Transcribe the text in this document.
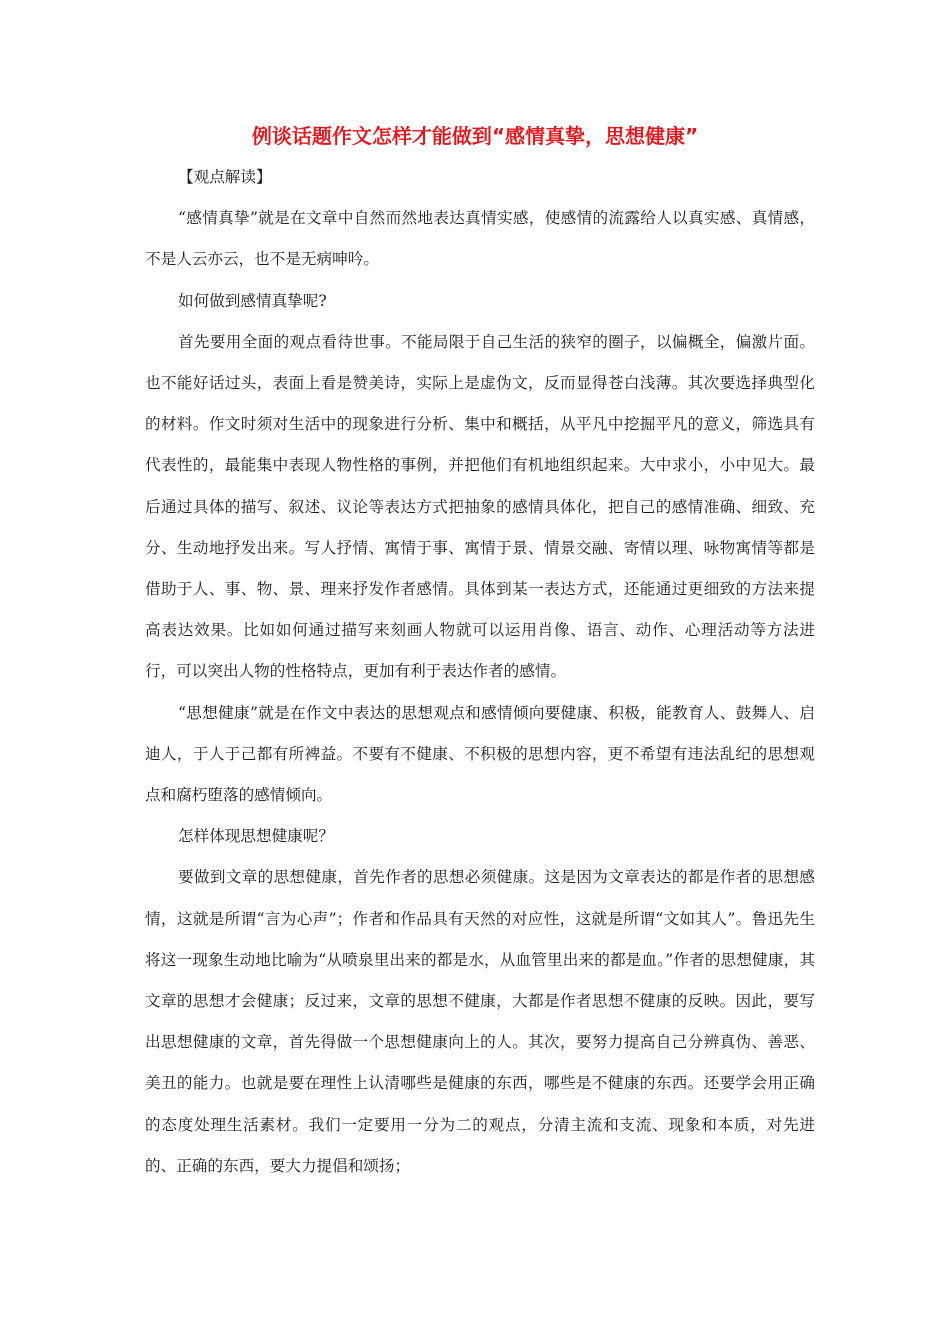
例谈话题作文怎样才能做到“感情真挚，思想健康”

【观点解读】

“感情真挚”就是在文章中自然而然地表达真情实感，使感情的流露给人以真实感、真情感，不是人云亦云，也不是无病呻吟。

如何做到感情真挚呢?

首先要用全面的观点看待世事。不能局限于自己生活的狭窄的圈子，以偏概全，偏激片面。也不能好话过头，表面上看是赞美诗，实际上是虚伪文，反而显得苍白浅薄。其次要选择典型化的材料。作文时须对生活中的现象进行分析、集中和概括，从平凡中挖掘平凡的意义，筛选具有代表性的，最能集中表现人物性格的事例，并把他们有机地组织起来。大中求小，小中见大。最后通过具体的描写、叙述、议论等表达方式把抽象的感情具体化，把自己的感情准确、细致、充分、生动地抒发出来。写人抒情、寓情于事、寓情于景、情景交融、寄情以理、咏物寓情等都是借助于人、事、物、景、理来抒发作者感情。具体到某一表达方式，还能通过更细致的方法来提高表达效果。比如如何通过描写来刻画人物就可以运用肖像、语言、动作、心理活动等方法进行，可以突出人物的性格特点，更加有利于表达作者的感情。

“思想健康”就是在作文中表达的思想观点和感情倾向要健康、积极，能教育人、鼓舞人、启迪人，于人于己都有所裨益。不要有不健康、不积极的思想内容，更不希望有违法乱纪的思想观点和腐朽堕落的感情倾向。

怎样体现思想健康呢？

要做到文章的思想健康，首先作者的思想必须健康。这是因为文章表达的都是作者的思想感情，这就是所谓“言为心声”；作者和作品具有天然的对应性，这就是所谓“文如其人”。鲁迅先生将这一现象生动地比喻为“从喷泉里出来的都是水，从血管里出来的都是血。”作者的思想健康，其文章的思想才会健康；反过来，文章的思想不健康，大都是作者思想不健康的反映。因此，要写出思想健康的文章，首先得做一个思想健康向上的人。其次，要努力提高自己分辨真伪、善恶、美丑的能力。也就是要在理性上认清哪些是健康的东西，哪些是不健康的东西。还要学会用正确的态度处理生活素材。我们一定要用一分为二的观点，分清主流和支流、现象和本质，对先进的、正确的东西，要大力提倡和颂扬；
